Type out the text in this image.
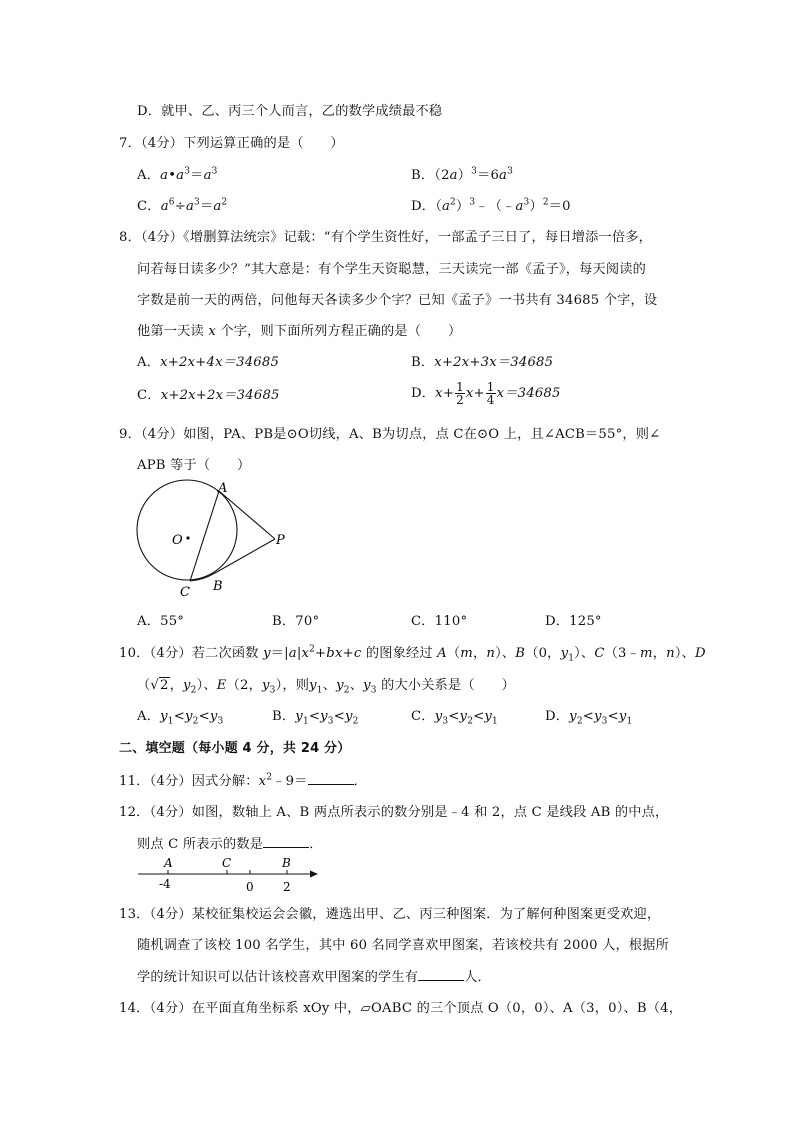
D．就甲、乙、丙三个人而言，乙的数学成绩最不稳
7．（4分）下列运算正确的是（　　）
A．$a•a^3=a^3$	B．$(2a)^3=6a^3$
C．$a^6\div a^3=a^2$	D．$(a^2)^3﹣(﹣a^3)^2=0$
8．（4分）《增删算法统宗》记载：“有个学生资性好，一部孟子三日了，每日增添一倍多，
问若每日读多少？”其大意是：有个学生天资聪慧，三天读完一部《孟子》，每天阅读的
字数是前一天的两倍，问他每天各读多少个字？已知《孟子》一书共有 34685 个字，设
他第一天读 x 个字，则下面所列方程正确的是（　　）
A．x+2x+4x＝34685	B．x+2x+3x＝34685
C．x+2x+2x＝34685	D．$x+ \frac{1}{2} x+ \frac{1}{4} x=34685$
9．（4分）如图，PA、PB是⊙O切线，A、B为切点，点 C在⊙O 上，且∠ACB＝55°，则∠
APB 等于（　　）
O
A
P
B
C
A．55°	B．70°	C．110°	D．125°
10．（4分）若二次函数 $y=|a|x^2+bx+c$ 的图象经过 A（m，n）、B（0，$y_1$）、C（3﹣m，n）、D
（√2，$y_2$）、E（2，$y_3$），则$y_1$、$y_2$、$y_3$ 的大小关系是（　　）
A．$y_1<y_2<y_3$	B．$y_1<y_3<y_2$	C．$y_3<y_2<y_1$	D．$y_2<y_3<y_1$
二、填空题（每小题 4 分，共 24 分）
11．（4分）因式分解：$x^2﹣9=$	．
12．（4分）如图，数轴上 A、B 两点所表示的数分别是﹣4 和 2，点 C 是线段 AB 的中点，
则点 C 所表示的数是	．
A	C	B
-4	0 2
13．（4分）某校征集校运会会徽，遴选出甲、乙、丙三种图案．为了解何种图案更受欢迎，
随机调查了该校 100 名学生，其中 60 名同学喜欢甲图案，若该校共有 2000 人，根据所
学的统计知识可以估计该校喜欢甲图案的学生有	人．
14．（4分）在平面直角坐标系 xOy 中，▱OABC 的三个顶点 O（0，0）、A（3，0）、B（4，
